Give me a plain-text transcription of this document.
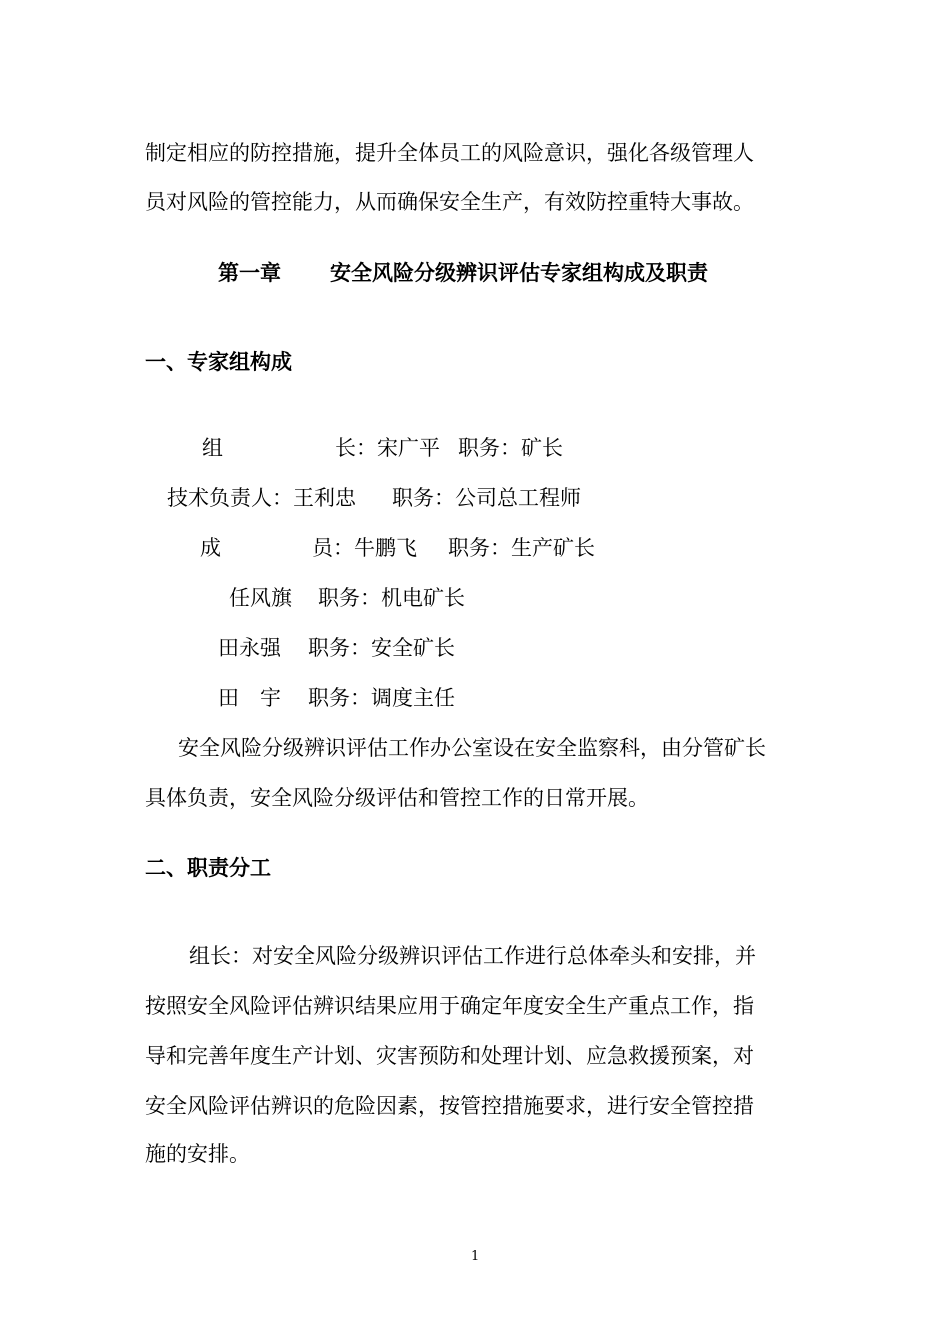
制定相应的防控措施，提升全体员工的风险意识，强化各级管理人
员对风险的管控能力，从而确保安全生产，有效防控重特大事故。
第一章 安全风险分级辨识评估专家组构成及职责
一、专家组构成
组	长：宋广平 职务：矿长
技术负责人：王利忠 职务：公司总工程师
成	员：牛鹏飞 职务：生产矿长
任风旗 职务：机电矿长
田永强 职务：安全矿长
田　宇 职务：调度主任
安全风险分级辨识评估工作办公室设在安全监察科，由分管矿长
具体负责，安全风险分级评估和管控工作的日常开展。
二、职责分工
组长：对安全风险分级辨识评估工作进行总体牵头和安排，并
按照安全风险评估辨识结果应用于确定年度安全生产重点工作，指
导和完善年度生产计划、灾害预防和处理计划、应急救援预案，对
安全风险评估辨识的危险因素，按管控措施要求，进行安全管控措
施的安排。
1
